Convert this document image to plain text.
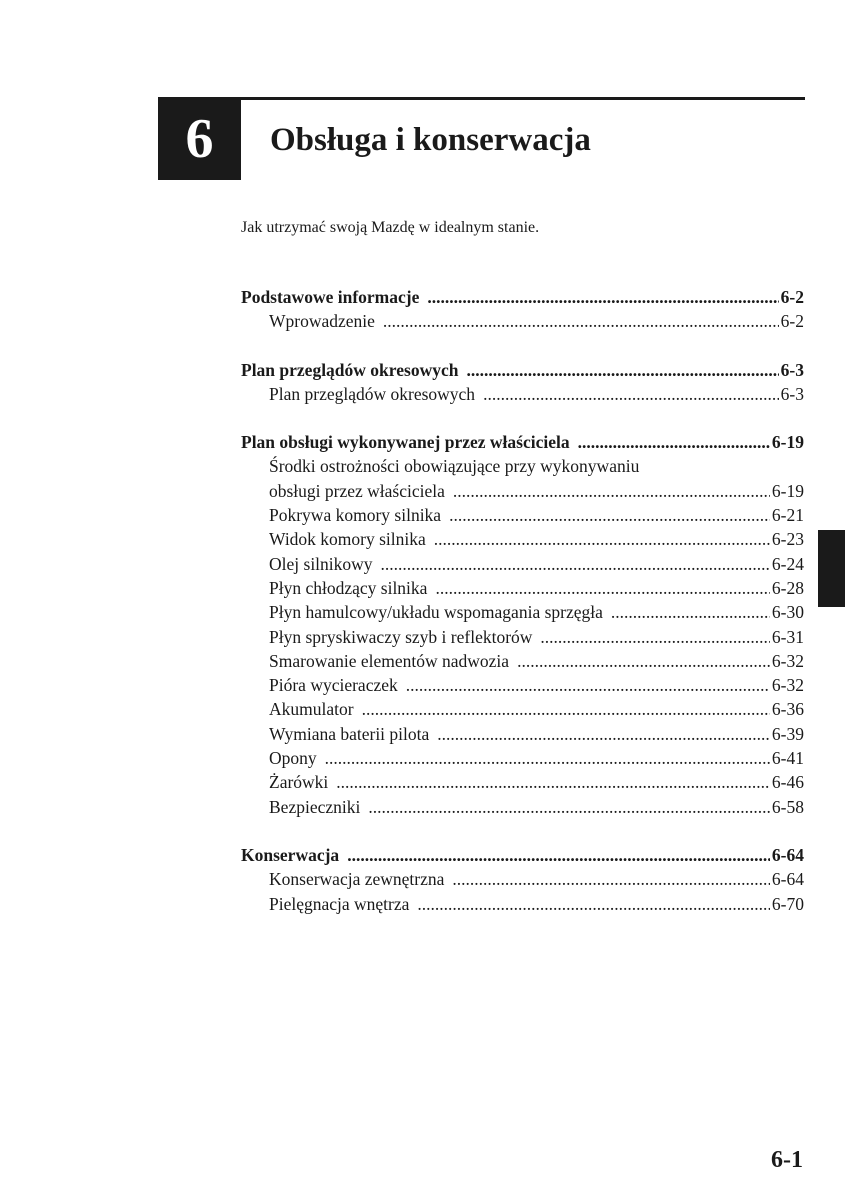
6 Obsługa i konserwacja
Jak utrzymać swoją Mazdę w idealnym stanie.
Podstawowe informacje .....	6-2
Wprowadzenie .....	6-2
Plan przeglądów okresowych .....	6-3
Plan przeglądów okresowych .....	6-3
Plan obsługi wykonywanej przez właściciela .....	6-19
Środki ostrożności obowiązujące przy wykonywaniu
obsługi przez właściciela .....	6-19
Pokrywa komory silnika .....	6-21
Widok komory silnika .....	6-23
Olej silnikowy .....	6-24
Płyn chłodzący silnika .....	6-28
Płyn hamulcowy/układu wspomagania sprzęgła .....	6-30
Płyn spryskiwaczy szyb i reflektorów .....	6-31
Smarowanie elementów nadwozia .....	6-32
Pióra wycieraczek .....	6-32
Akumulator .....	6-36
Wymiana baterii pilota .....	6-39
Opony .....	6-41
Żarówki .....	6-46
Bezpieczniki .....	6-58
Konserwacja .....	6-64
Konserwacja zewnętrzna .....	6-64
Pielęgnacja wnętrza .....	6-70
6-1
